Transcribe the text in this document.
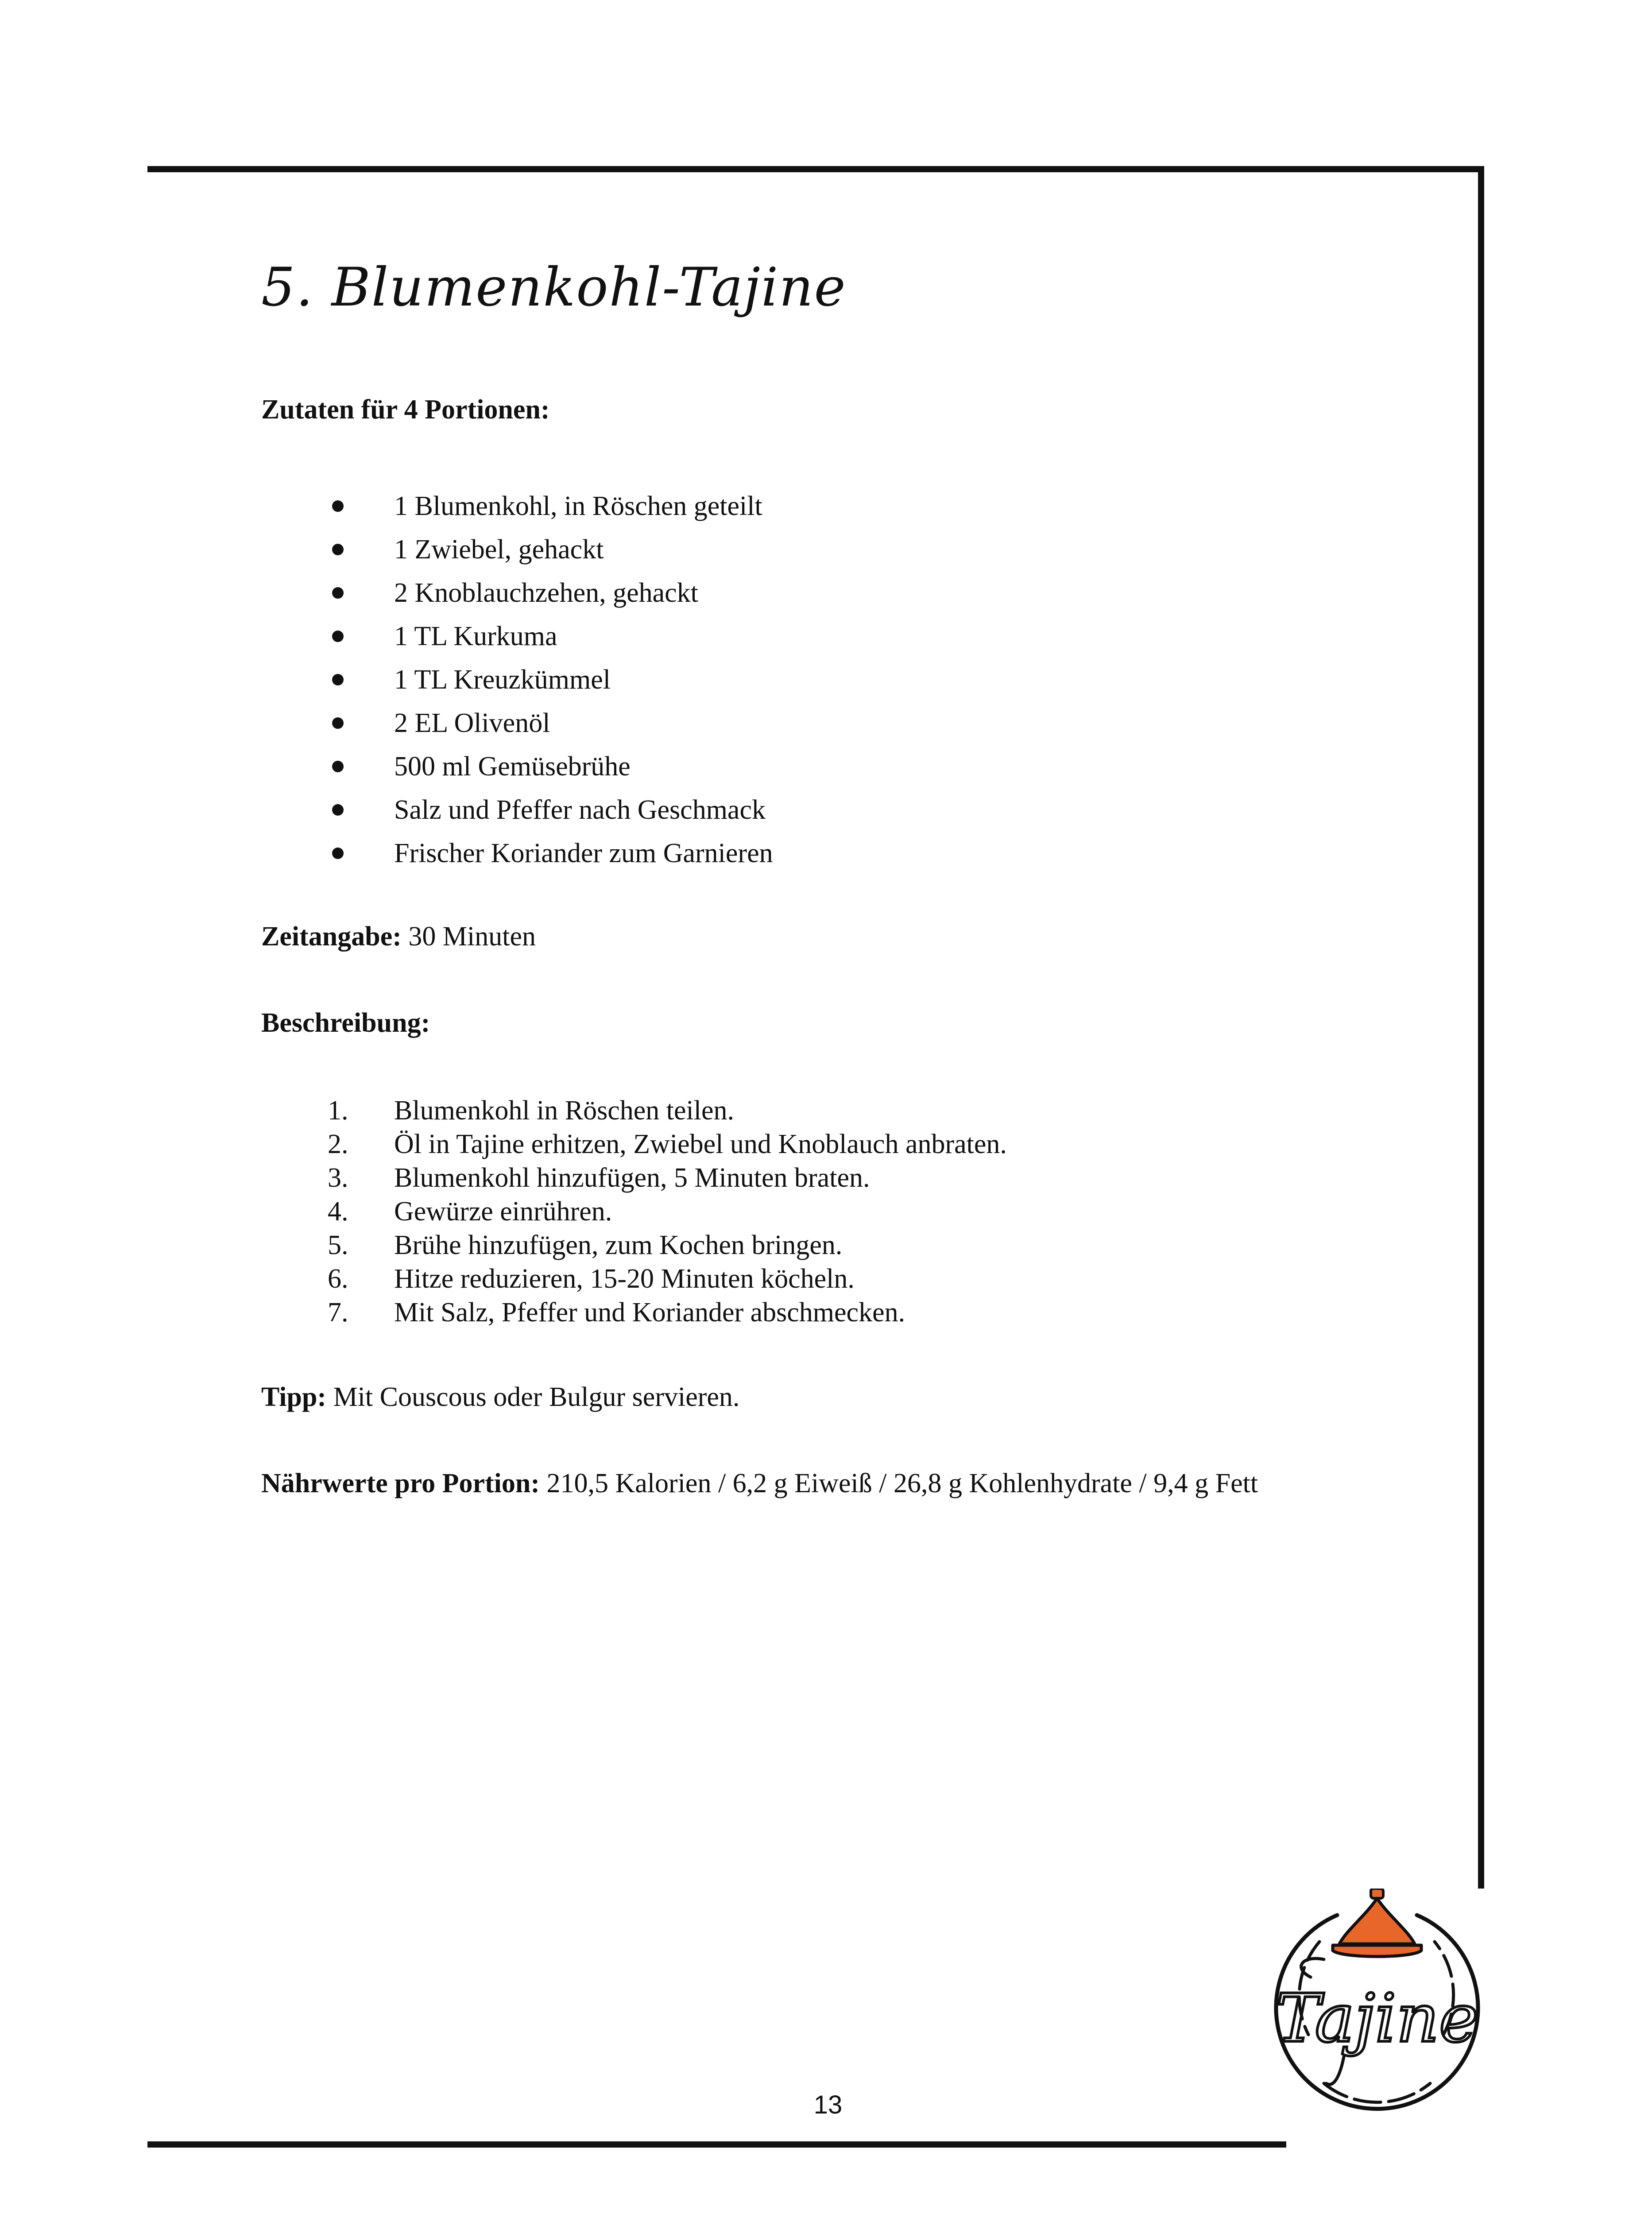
5. Blumenkohl-Tajine
Zutaten für 4 Portionen:
1 Blumenkohl, in Röschen geteilt
1 Zwiebel, gehackt
2 Knoblauchzehen, gehackt
1 TL Kurkuma
1 TL Kreuzkümmel
2 EL Olivenöl
500 ml Gemüsebrühe
Salz und Pfeffer nach Geschmack
Frischer Koriander zum Garnieren
Zeitangabe: 30 Minuten
Beschreibung:
1.	Blumenkohl in Röschen teilen.
2.	Öl in Tajine erhitzen, Zwiebel und Knoblauch anbraten.
3.	Blumenkohl hinzufügen, 5 Minuten braten.
4.	Gewürze einrühren.
5.	Brühe hinzufügen, zum Kochen bringen.
6.	Hitze reduzieren, 15-20 Minuten köcheln.
7.	Mit Salz, Pfeffer und Koriander abschmecken.
Tipp: Mit Couscous oder Bulgur servieren.
Nährwerte pro Portion: 210,5 Kalorien / 6,2 g Eiweiß / 26,8 g Kohlenhydrate / 9,4 g Fett
13
Tajine
